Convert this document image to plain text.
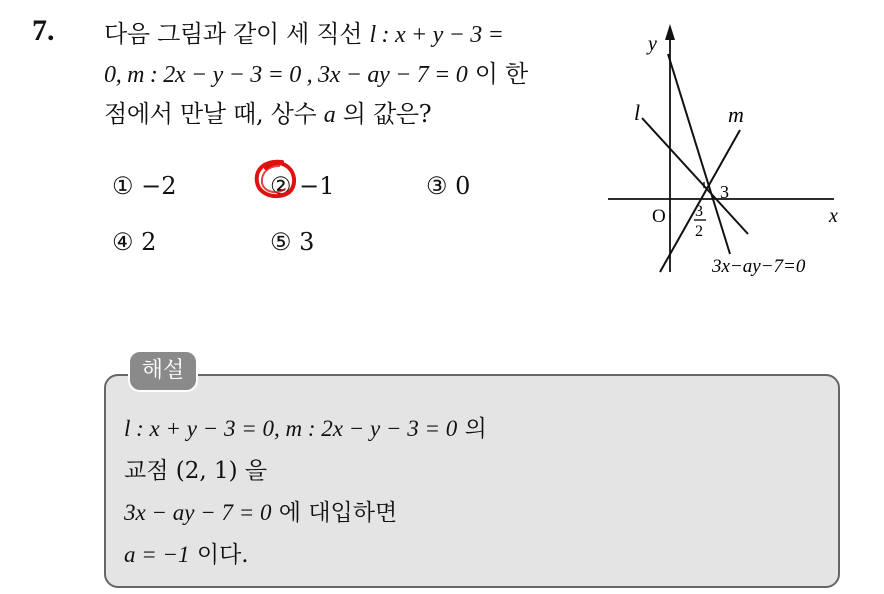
7. 다음 그림과 같이 세 직선 l : x + y − 3 =
0, m : 2x − y − 3 = 0 , 3x − ay − 7 = 0 이 한
점에서 만날 때, 상수 a 의 값은?
① −2	② −1	③ 0
④ 2	⑤ 3
x
y
O
l	m
3
3
2
3x−ay−7=0
해설
l : x + y − 3 = 0, m : 2x − y − 3 = 0 의
교점 (2, 1) 을
3x − ay − 7 = 0 에 대입하면
a = −1 이다.
